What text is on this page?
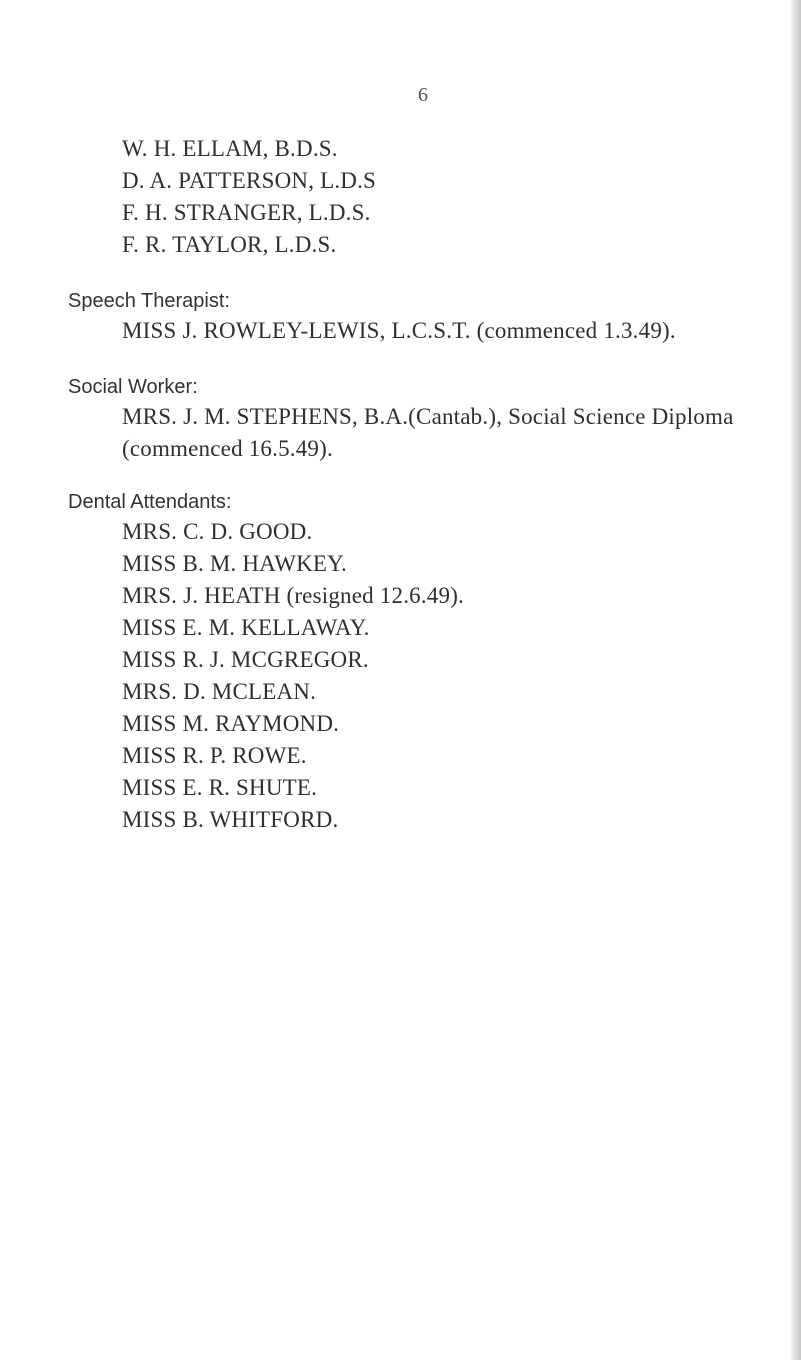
6
W. H. ELLAM, B.D.S.
D. A. PATTERSON, L.D.S
F. H. STRANGER, L.D.S.
F. R. TAYLOR, L.D.S.
Speech Therapist:
MISS J. ROWLEY-LEWIS, L.C.S.T. (commenced 1.3.49).
Social Worker:
MRS. J. M. STEPHENS, B.A.(Cantab.), Social Science Diploma
(commenced 16.5.49).
Dental Attendants:
MRS. C. D. GOOD.
MISS B. M. HAWKEY.
MRS. J. HEATH (resigned 12.6.49).
MISS E. M. KELLAWAY.
MISS R. J. MCGREGOR.
MRS. D. MCLEAN.
MISS M. RAYMOND.
MISS R. P. ROWE.
MISS E. R. SHUTE.
MISS B. WHITFORD.
